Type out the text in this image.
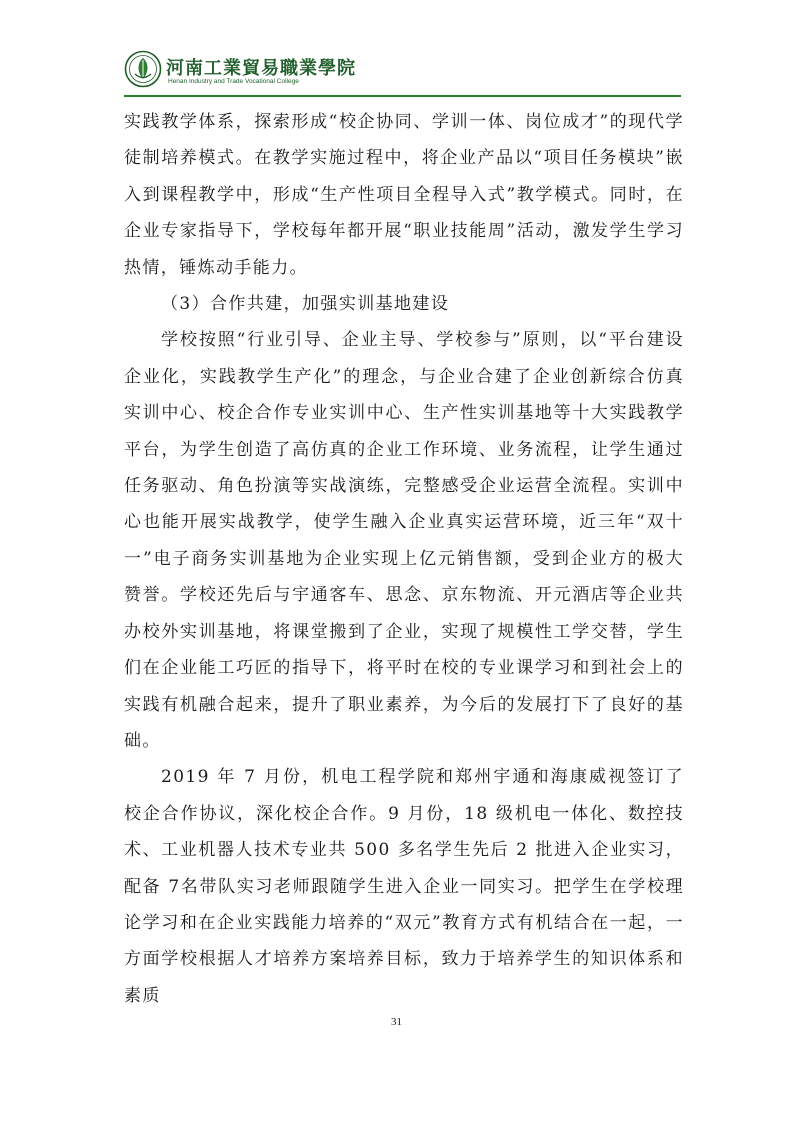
河南工業貿易職業學院
Henan Industry and Trade Vocational College

实践教学体系，探索形成“校企协同、学训一体、岗位成才”的现代学徒制培养模式。在教学实施过程中，将企业产品以“项目任务模块”嵌入到课程教学中，形成“生产性项目全程导入式”教学模式。同时，在企业专家指导下，学校每年都开展“职业技能周”活动，激发学生学习热情，锤炼动手能力。

（3）合作共建，加强实训基地建设

学校按照“行业引导、企业主导、学校参与”原则，以“平台建设企业化，实践教学生产化”的理念，与企业合建了企业创新综合仿真实训中心、校企合作专业实训中心、生产性实训基地等十大实践教学平台，为学生创造了高仿真的企业工作环境、业务流程，让学生通过任务驱动、角色扮演等实战演练，完整感受企业运营全流程。实训中心也能开展实战教学，使学生融入企业真实运营环境，近三年“双十一”电子商务实训基地为企业实现上亿元销售额，受到企业方的极大赞誉。学校还先后与宇通客车、思念、京东物流、开元酒店等企业共办校外实训基地，将课堂搬到了企业，实现了规模性工学交替，学生们在企业能工巧匠的指导下，将平时在校的专业课学习和到社会上的实践有机融合起来，提升了职业素养，为今后的发展打下了良好的基础。

2019 年 7 月份，机电工程学院和郑州宇通和海康威视签订了校企合作协议，深化校企合作。9 月份，18 级机电一体化、数控技术、工业机器人技术专业共 500 多名学生先后 2 批进入企业实习，配备 7名带队实习老师跟随学生进入企业一同实习。把学生在学校理论学习和在企业实践能力培养的“双元”教育方式有机结合在一起，一方面学校根据人才培养方案培养目标，致力于培养学生的知识体系和素质

31
